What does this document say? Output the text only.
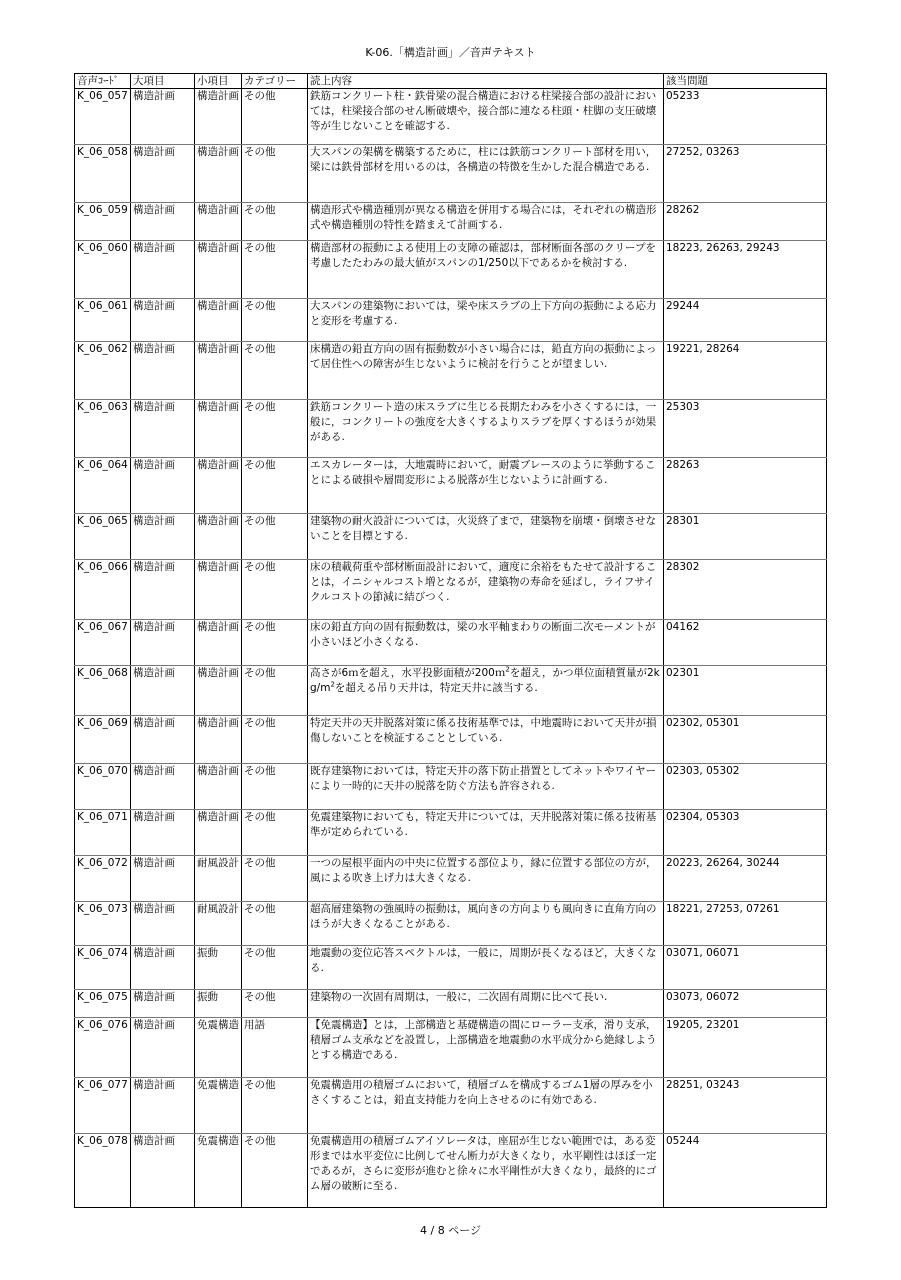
K-06.「構造計画」／音声テキスト
音声ｺｰﾄﾞ	大項目	小項目	カテゴリー	読上内容	該当問題
K_06_057	構造計画	構造計画	その他	鉄筋コンクリート柱・鉄骨梁の混合構造における柱梁接合部の設計においては，柱梁接合部のせん断破壊や，接合部に連なる柱頭・柱脚の支圧破壊等が生じないことを確認する.	05233
K_06_058	構造計画	構造計画	その他	大スパンの架構を構築するために，柱には鉄筋コンクリート部材を用い，梁には鉄骨部材を用いるのは，各構造の特徴を生かした混合構造である.	27252, 03263
K_06_059	構造計画	構造計画	その他	構造形式や構造種別が異なる構造を併用する場合には，それぞれの構造形式や構造種別の特性を踏まえて計画する.	28262
K_06_060	構造計画	構造計画	その他	構造部材の振動による使用上の支障の確認は，部材断面各部のクリープを考慮したたわみの最大値がスパンの1/250以下であるかを検討する.	18223, 26263, 29243
K_06_061	構造計画	構造計画	その他	大スパンの建築物においては，梁や床スラブの上下方向の振動による応力と変形を考慮する.	29244
K_06_062	構造計画	構造計画	その他	床構造の鉛直方向の固有振動数が小さい場合には，鉛直方向の振動によって居住性への障害が生じないように検討を行うことが望ましい.	19221, 28264
K_06_063	構造計画	構造計画	その他	鉄筋コンクリート造の床スラブに生じる長期たわみを小さくするには，一般に，コンクリートの強度を大きくするよりスラブを厚くするほうが効果がある.	25303
K_06_064	構造計画	構造計画	その他	エスカレーターは，大地震時において，耐震ブレースのように挙動することによる破損や層間変形による脱落が生じないように計画する.	28263
K_06_065	構造計画	構造計画	その他	建築物の耐火設計については，火災終了まで，建築物を崩壊・倒壊させないことを目標とする.	28301
K_06_066	構造計画	構造計画	その他	床の積載荷重や部材断面設計において，適度に余裕をもたせて設計することは，イニシャルコスト増となるが，建築物の寿命を延ばし，ライフサイクルコストの節減に結びつく.	28302
K_06_067	構造計画	構造計画	その他	床の鉛直方向の固有振動数は，梁の水平軸まわりの断面二次モーメントが小さいほど小さくなる.	04162
K_06_068	構造計画	構造計画	その他	高さが6ｍを超え，水平投影面積が200ｍ$^2$を超え，かつ単位面積質量が$2kg/m^2$を超える吊り天井は，特定天井に該当する.	02301
K_06_069	構造計画	構造計画	その他	特定天井の天井脱落対策に係る技術基準では，中地震時において天井が損傷しないことを検証することとしている.	02302, 05301
K_06_070	構造計画	構造計画	その他	既存建築物においては，特定天井の落下防止措置としてネットやワイヤーにより一時的に天井の脱落を防ぐ方法も許容される.	02303, 05302
K_06_071	構造計画	構造計画	その他	免震建築物においても，特定天井については，天井脱落対策に係る技術基準が定められている.	02304, 05303
K_06_072	構造計画	耐風設計	その他	一つの屋根平面内の中央に位置する部位より，縁に位置する部位の方が，風による吹き上げ力は大きくなる.	20223, 26264, 30244
K_06_073	構造計画	耐風設計	その他	超高層建築物の強風時の振動は，風向きの方向よりも風向きに直角方向のほうが大きくなることがある.	18221, 27253, 07261
K_06_074	構造計画	振動	その他	地震動の変位応答スペクトルは，一般に，周期が長くなるほど，大きくなる.	03071, 06071
K_06_075	構造計画	振動	その他	建築物の一次固有周期は，一般に，二次固有周期に比べて長い.	03073, 06072
K_06_076	構造計画	免震構造	用語	【免震構造】とは，上部構造と基礎構造の間にローラー支承，滑り支承，積層ゴム支承などを設置し，上部構造を地震動の水平成分から絶縁しようとする構造である.	19205, 23201
K_06_077	構造計画	免震構造	その他	免震構造用の積層ゴムにおいて，積層ゴムを構成するゴム1層の厚みを小さくすることは，鉛直支持能力を向上させるのに有効である.	28251, 03243
K_06_078	構造計画	免震構造	その他	免震構造用の積層ゴムアイソレータは，座屈が生じない範囲では，ある変形までは水平変位に比例してせん断力が大きくなり，水平剛性はほぼ一定であるが，さらに変形が進むと徐々に水平剛性が大きくなり，最終的にゴム層の破断に至る.	05244
4 / 8 ページ
